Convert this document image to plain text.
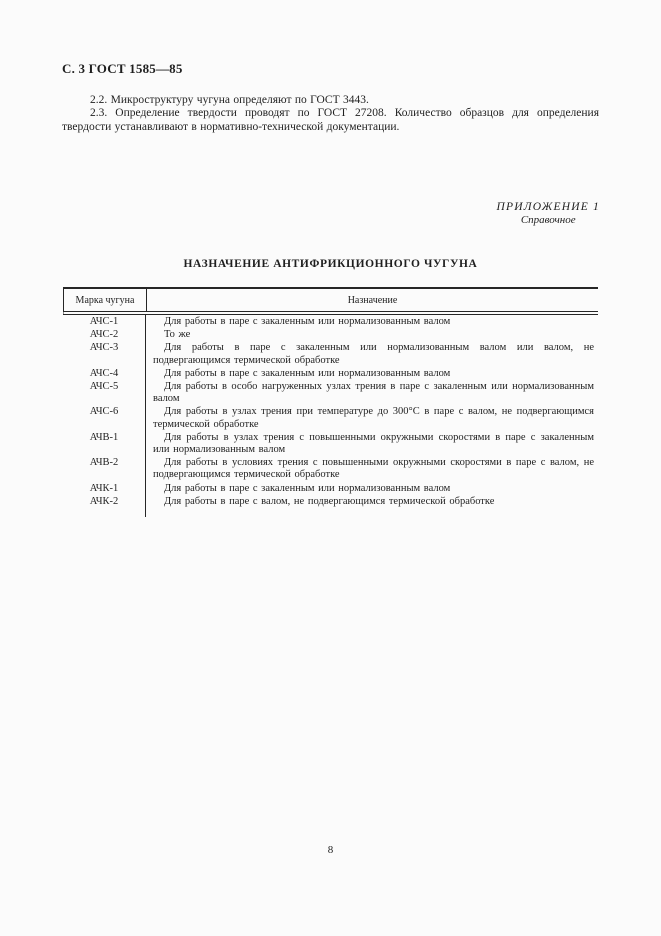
С. 3 ГОСТ 1585—85

2.2. Микроструктуру чугуна определяют по ГОСТ 3443.

2.3. Определение твердости проводят по ГОСТ 27208. Количество образцов для определения твердости устанавливают в нормативно-технической документации.

ПРИЛОЖЕНИЕ 1
Справочное
НАЗНАЧЕНИЕ АНТИФРИКЦИОННОГО ЧУГУНА
Марка чугуна	Назначение
АЧС-1	Для работы в паре с закаленным или нормализованным валом
АЧС-2	То же
АЧС-3	Для работы в паре с закаленным или нормализованным валом или валом, не подвергающимся термической обработке
АЧС-4	Для работы в паре с закаленным или нормализованным валом
АЧС-5	Для работы в особо нагруженных узлах трения в паре с закаленным или нормализованным валом
АЧС-6	Для работы в узлах трения при температуре до 300°С в паре с валом, не подвергающимся термической обработке
АЧВ-1	Для работы в узлах трения с повышенными окружными скоростями в паре с закаленным или нормализованным валом
АЧВ-2	Для работы в условиях трения с повышенными окружными скоростями в паре с валом, не подвергающимся термической обработке
АЧК-1	Для работы в паре с закаленным или нормализованным валом
АЧК-2	Для работы в паре с валом, не подвергающимся термической обработке
8
